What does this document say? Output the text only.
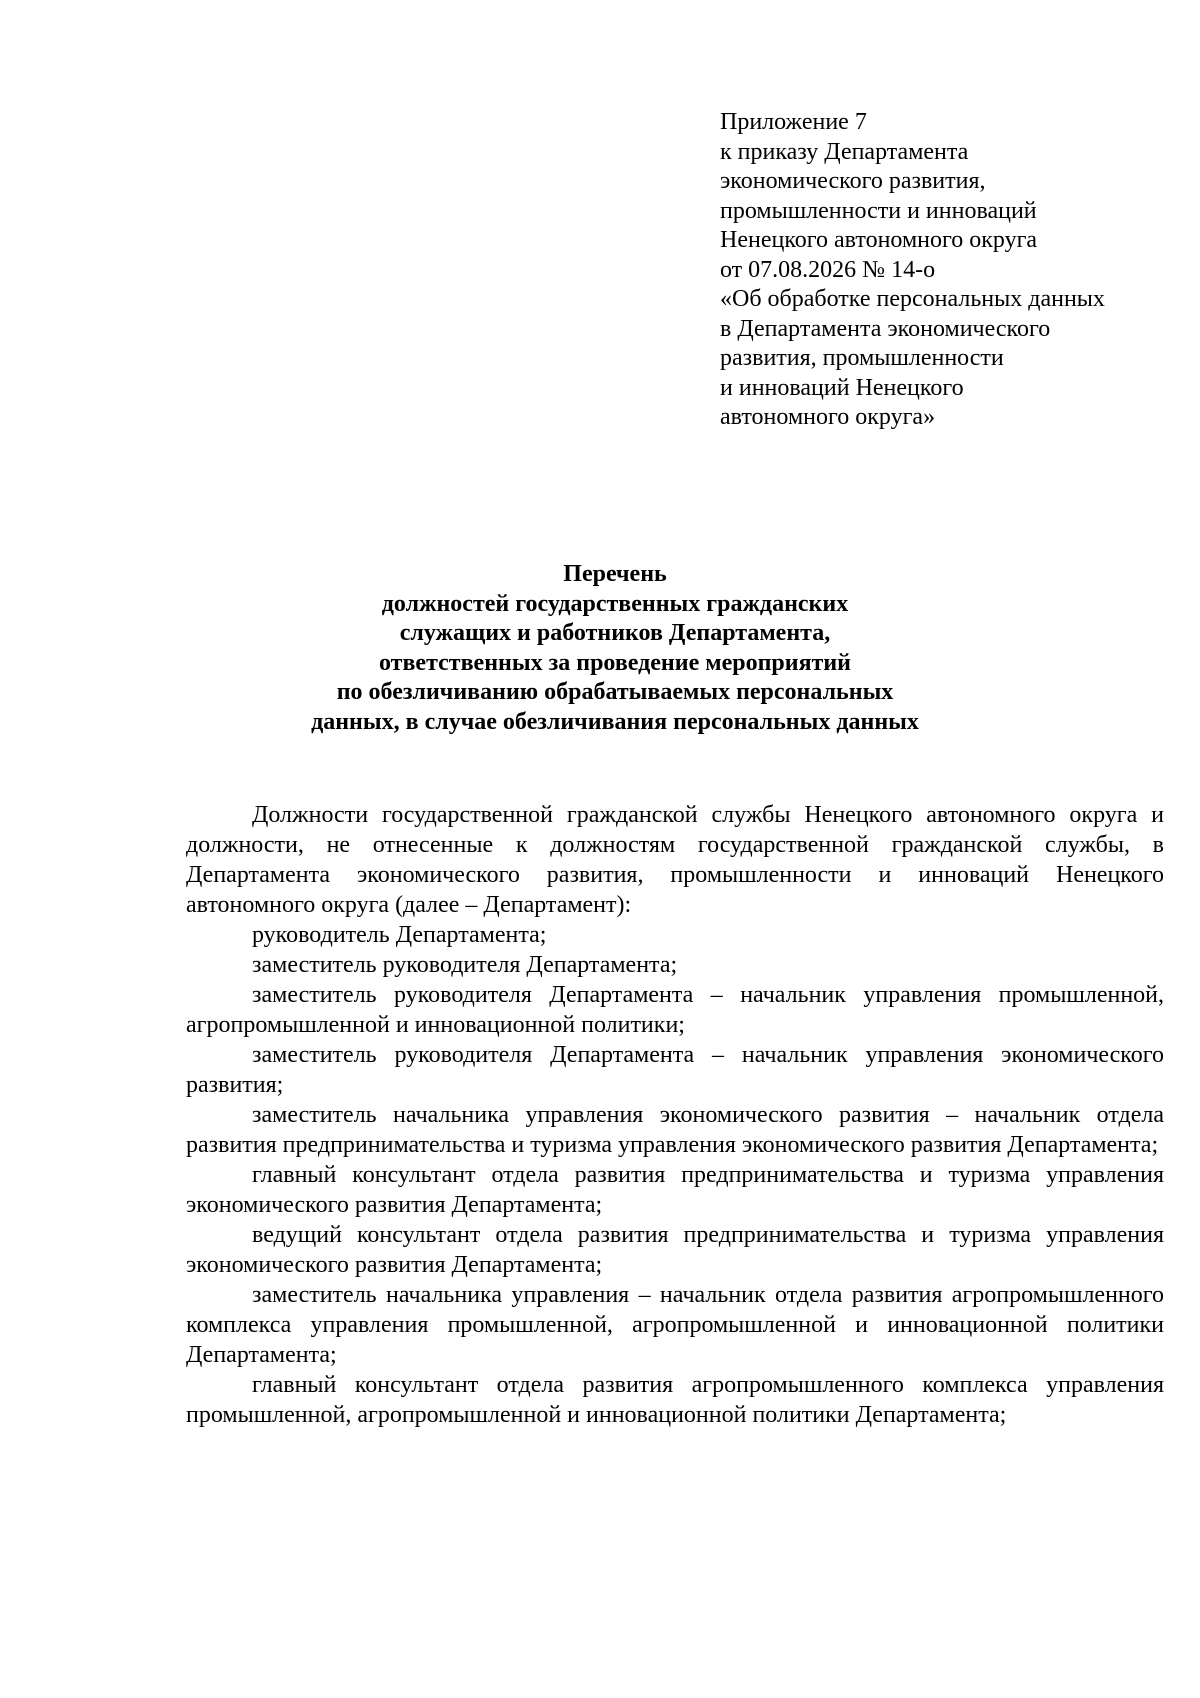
Приложение 7
к приказу Департамента
экономического развития,
промышленности и инноваций
Ненецкого автономного округа
от 07.08.2026 № 14-о
«Об обработке персональных данных
в Департамента экономического
развития, промышленности
и инноваций Ненецкого
автономного округа»
Перечень
должностей государственных гражданских
служащих и работников Департамента,
ответственных за проведение мероприятий
по обезличиванию обрабатываемых персональных
данных, в случае обезличивания персональных данных

Должности государственной гражданской службы Ненецкого автономного округа и должности, не отнесенные к должностям государственной гражданской службы, в Департамента экономического развития, промышленности и инноваций Ненецкого автономного округа (далее – Департамент):

руководитель Департамента;

заместитель руководителя Департамента;

заместитель руководителя Департамента – начальник управления промышленной, агропромышленной и инновационной политики;

заместитель руководителя Департамента – начальник управления экономического развития;

заместитель начальника управления экономического развития – начальник отдела развития предпринимательства и туризма управления экономического развития Департамента;

главный консультант отдела развития предпринимательства и туризма управления экономического развития Департамента;

ведущий консультант отдела развития предпринимательства и туризма управления экономического развития Департамента;

заместитель начальника управления – начальник отдела развития агропромышленного комплекса управления промышленной, агропромышленной и инновационной политики Департамента;

главный консультант отдела развития агропромышленного комплекса управления промышленной, агропромышленной и инновационной политики Департамента;
